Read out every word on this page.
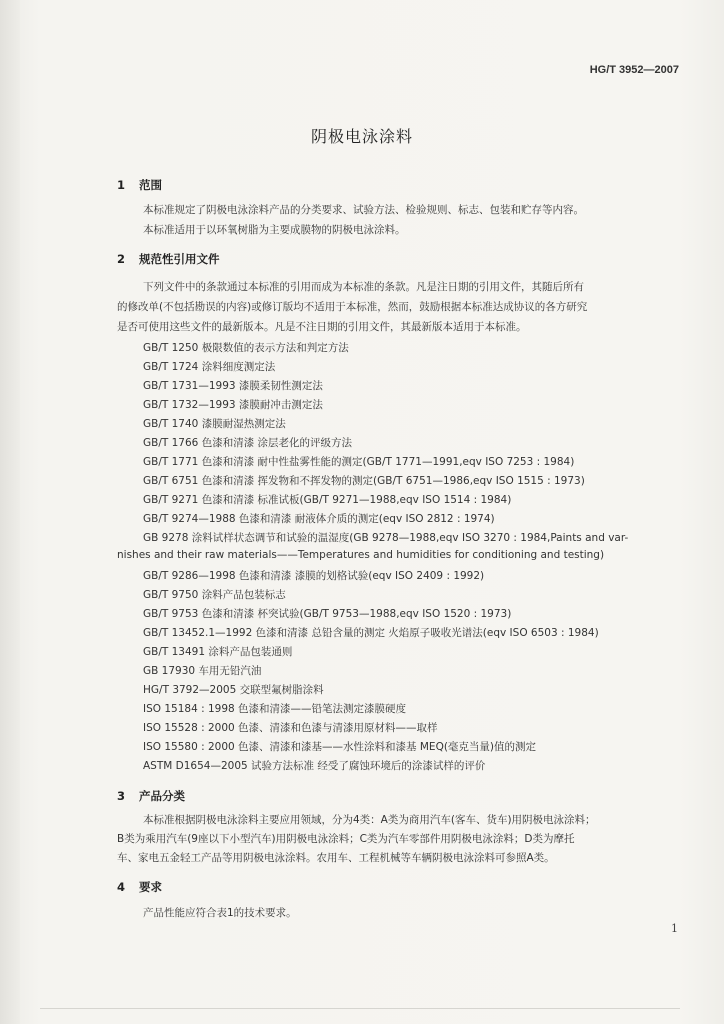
HG/T 3952—2007
阴极电泳涂料
1 范围
本标准规定了阴极电泳涂料产品的分类要求、试验方法、检验规则、标志、包装和贮存等内容。
本标准适用于以环氧树脂为主要成膜物的阴极电泳涂料。
2 规范性引用文件
下列文件中的条款通过本标准的引用而成为本标准的条款。凡是注日期的引用文件，其随后所有
的修改单(不包括勘误的内容)或修订版均不适用于本标准，然而，鼓励根据本标准达成协议的各方研究
是否可使用这些文件的最新版本。凡是不注日期的引用文件，其最新版本适用于本标准。
GB/T 1250 极限数值的表示方法和判定方法
GB/T 1724 涂料细度测定法
GB/T 1731—1993 漆膜柔韧性测定法
GB/T 1732—1993 漆膜耐冲击测定法
GB/T 1740 漆膜耐湿热测定法
GB/T 1766 色漆和清漆 涂层老化的评级方法
GB/T 1771 色漆和清漆 耐中性盐雾性能的测定(GB/T 1771—1991,eqv ISO 7253 : 1984)
GB/T 6751 色漆和清漆 挥发物和不挥发物的测定(GB/T 6751—1986,eqv ISO 1515 : 1973)
GB/T 9271 色漆和清漆 标准试板(GB/T 9271—1988,eqv ISO 1514 : 1984)
GB/T 9274—1988 色漆和清漆 耐液体介质的测定(eqv ISO 2812 : 1974)
GB 9278 涂料试样状态调节和试验的温湿度(GB 9278—1988,eqv ISO 3270 : 1984,Paints and var-
nishes and their raw materials——Temperatures and humidities for conditioning and testing)
GB/T 9286—1998 色漆和清漆 漆膜的划格试验(eqv ISO 2409 : 1992)
GB/T 9750 涂料产品包装标志
GB/T 9753 色漆和清漆 杯突试验(GB/T 9753—1988,eqv ISO 1520 : 1973)
GB/T 13452.1—1992 色漆和清漆 总铅含量的测定 火焰原子吸收光谱法(eqv ISO 6503 : 1984)
GB/T 13491 涂料产品包装通则
GB 17930 车用无铅汽油
HG/T 3792—2005 交联型氟树脂涂料
ISO 15184 : 1998 色漆和清漆——铅笔法测定漆膜硬度
ISO 15528 : 2000 色漆、清漆和色漆与清漆用原材料——取样
ISO 15580 : 2000 色漆、清漆和漆基——水性涂料和漆基 MEQ(毫克当量)值的测定
ASTM D1654—2005 试验方法标准 经受了腐蚀环境后的涂漆试样的评价
3 产品分类
本标准根据阴极电泳涂料主要应用领域，分为4类：A类为商用汽车(客车、货车)用阴极电泳涂料；
B类为乘用汽车(9座以下小型汽车)用阴极电泳涂料；C类为汽车零部件用阴极电泳涂料；D类为摩托
车、家电五金轻工产品等用阴极电泳涂料。农用车、工程机械等车辆阴极电泳涂料可参照A类。
4 要求
产品性能应符合表1的技术要求。
1
